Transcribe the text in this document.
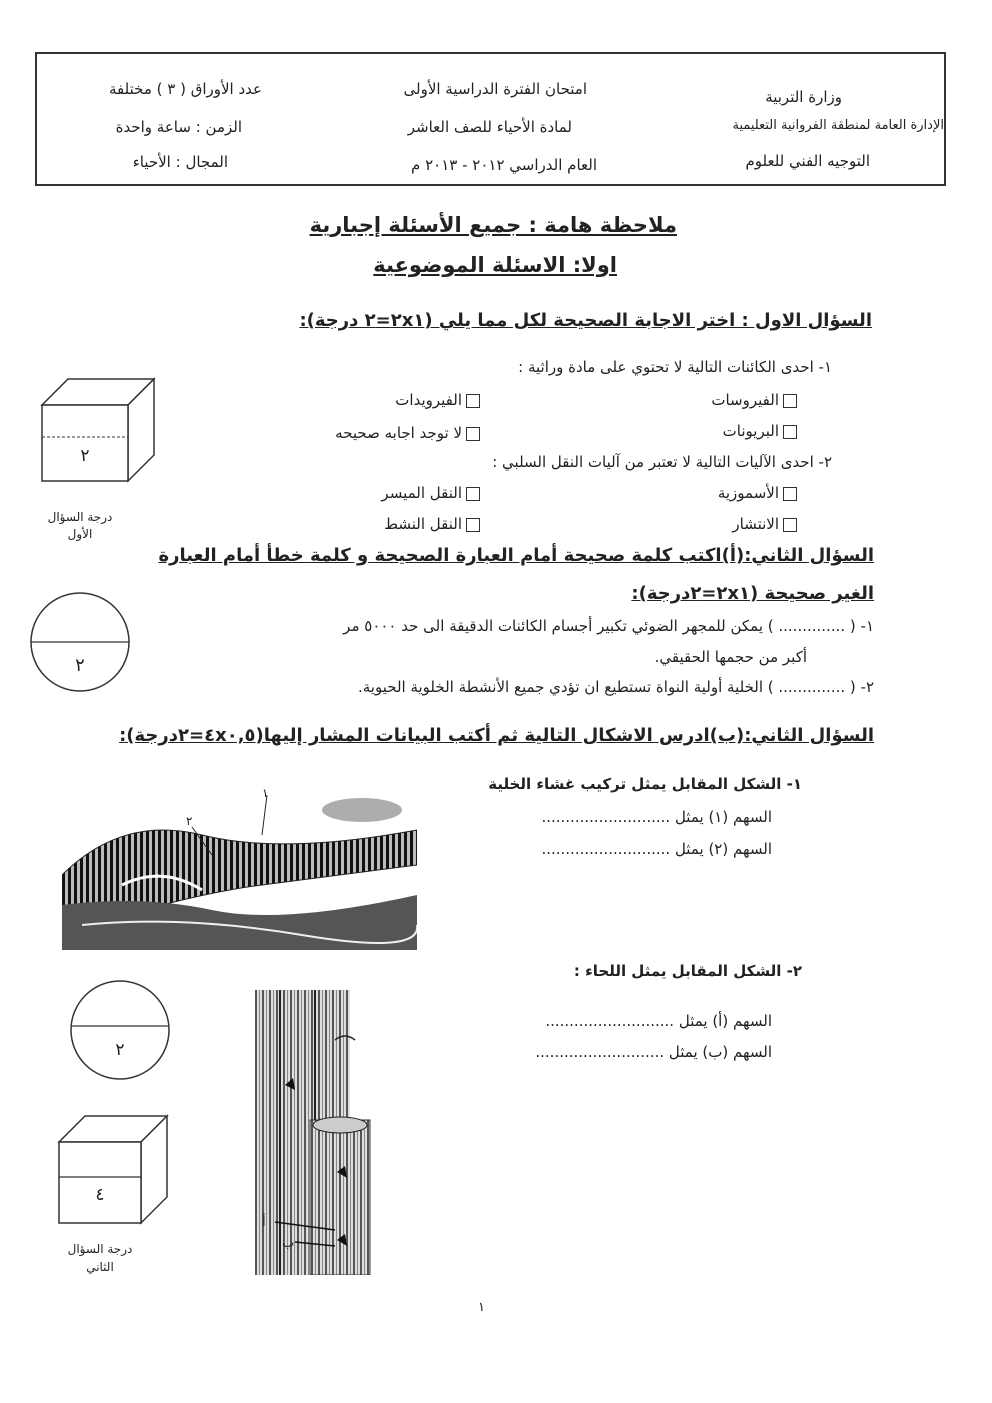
وزارة التربية
الإدارة العامة لمنطقة الفروانية التعليمية
التوجيه الفني للعلوم
امتحان الفترة الدراسية الأولى
لمادة الأحياء للصف العاشر
العام الدراسي ٢٠١٢ - ٢٠١٣ م
عدد الأوراق ( ٣ ) مختلفة
الزمن : ساعة واحدة
المجال : الأحياء
ملاحظة هامة : جميع الأسئلة إجبارية
اولا: الاسئلة الموضوعية
السؤال الاول : اختر الاجابة الصحيحة لكل مما يلي (٢x١=٢ درجة):
١- احدى الكائنات التالية لا تحتوي على مادة وراثية :
الفيروسات
الفيرويدات
البريونات
لا توجد اجابه صحيحه
٢- احدى الآليات التالية لا تعتبر من آليات النقل السلبي :
الأسموزية
النقل الميسر
الانتشار
النقل النشط
٢
درجة السؤال
الأول
السؤال الثاني:(أ)اكتب كلمة صحيحة أمام العبارة الصحيحة و كلمة خطأ أمام العبارة
الغير صحيحة (٢x١=٢درجة):
١- ( .............. ) يمكن للمجهر الضوئي تكبير أجسام الكائنات الدقيقة الى حد ٥٠٠٠ مر
أكبر من حجمها الحقيقي.
٢- ( .............. ) الخلية أولية النواة تستطيع ان تؤدي جميع الأنشطة الخلوية الحيوية.
٢
السؤال الثاني:(ب)ادرس الاشكال التالية ثم أكتب البيانات المشار إليها(٤x٠,٥=٢درجة):
١- الشكل المقابل يمثل تركيب غشاء الخلية
السهم (١) يمثل ...........................
السهم (٢) يمثل ...........................
١
٢
٢- الشكل المقابل يمثل اللحاء :
السهم (أ) يمثل ...........................
السهم (ب) يمثل ...........................
أ
ب
٢
٤
درجة السؤال
الثاني
١
